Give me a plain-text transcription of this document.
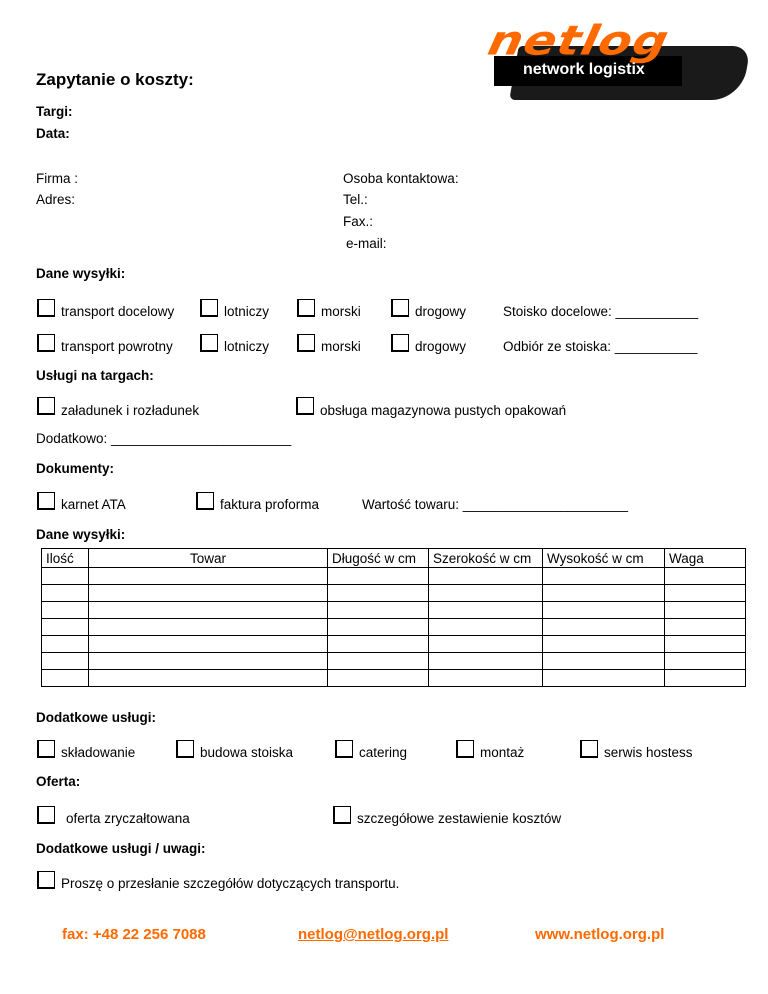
netlog
network logistix
Zapytanie o koszty:
Targi:
Data:
Firma :
Adres:
Osoba kontaktowa:
Tel.:
Fax.:
e-mail:
Dane wysyłki:
transport docelowy	lotniczy	morski	drogowy	Stoisko docelowe: ___________
transport powrotny	lotniczy	morski	drogowy	Odbiór ze stoiska: ___________
Usługi na targach:
załadunek i rozładunek	obsługa magazynowa pustych opakowań
Dodatkowo: ________________________
Dokumenty:
karnet ATA	faktura proforma	Wartość towaru: ______________________
Dane wysyłki:
Ilość	Towar	Długość w cm	Szerokość w cm	Wysokość w cm	Waga

Dodatkowe usługi:
składowanie	budowa stoiska	catering	montaż	serwis hostess
Oferta:
oferta zryczałtowana	szczegółowe zestawienie kosztów
Dodatkowe usługi / uwagi:
Proszę o przesłanie szczegółów dotyczących transportu.
fax: +48 22 256 7088	netlog@netlog.org.pl	www.netlog.org.pl
